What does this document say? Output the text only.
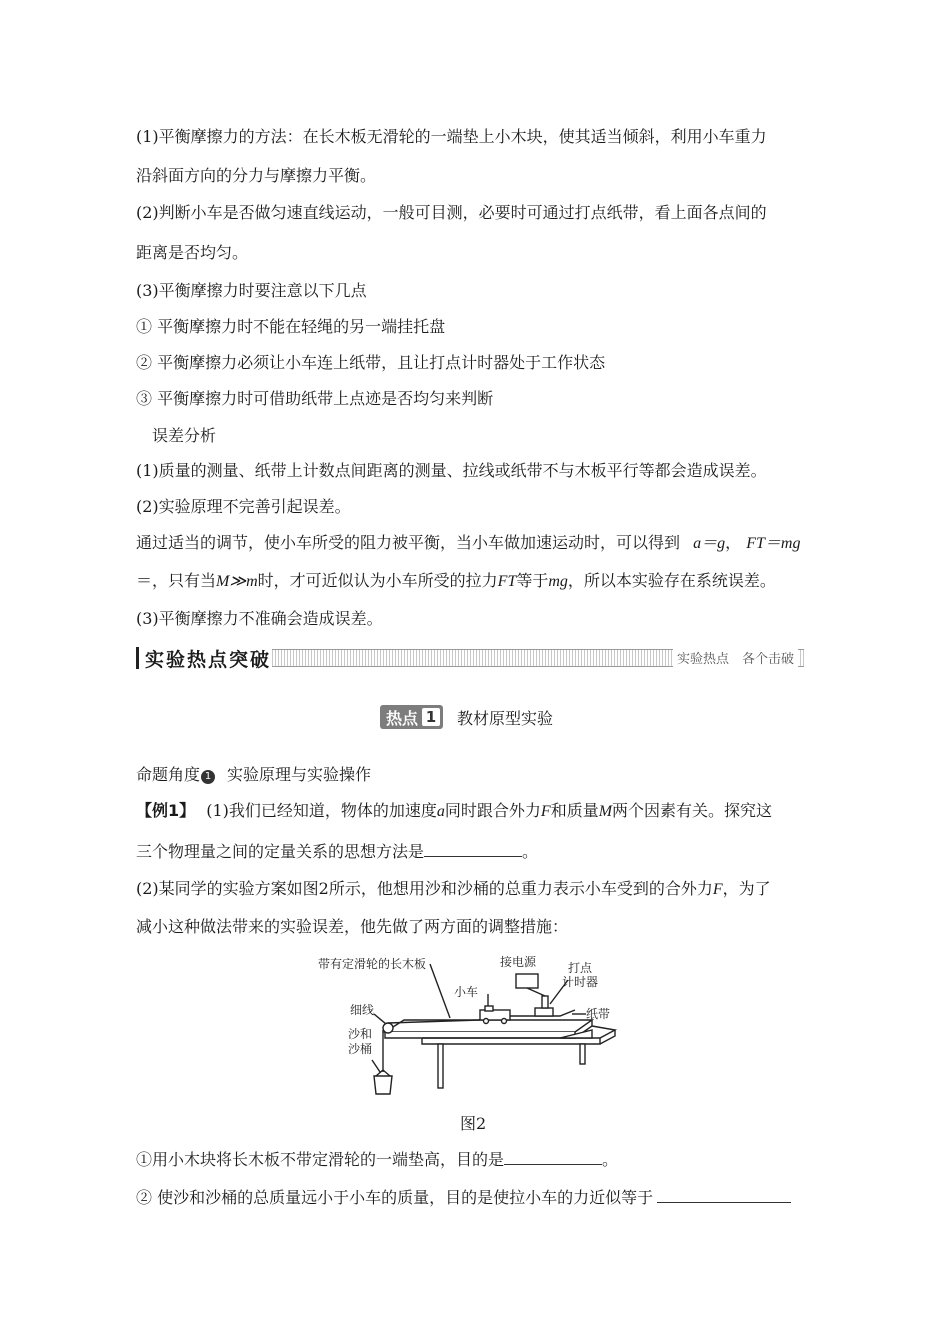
(1)平衡摩擦力的方法：在长木板无滑轮的一端垫上小木块，使其适当倾斜，利用小车重力
沿斜面方向的分力与摩擦力平衡。
(2)判断小车是否做匀速直线运动，一般可目测，必要时可通过打点纸带，看上面各点间的
距离是否均匀。
(3)平衡摩擦力时要注意以下几点
① 平衡摩擦力时不能在轻绳的另一端挂托盘
② 平衡摩擦力必须让小车连上纸带，且让打点计时器处于工作状态
③ 平衡摩擦力时可借助纸带上点迹是否均匀来判断
误差分析
(1)质量的测量、纸带上计数点间距离的测量、拉线或纸带不与木板平行等都会造成误差。
(2)实验原理不完善引起误差。
通过适当的调节，使小车所受的阻力被平衡，当小车做加速运动时，可以得到 a＝g， FT＝mg
＝，只有当M≫m时，才可近似认为小车所受的拉力FT等于mg，所以本实验存在系统误差。
(3)平衡摩擦力不准确会造成误差。
实验热点突破	实验热点　各个击破
热点 1 教材原型实验
命题角度 1 实验原理与实验操作
【例1】 (1)我们已经知道，物体的加速度a同时跟合外力F和质量M两个因素有关。探究这
三个物理量之间的定量关系的思想方法是	。
(2)某同学的实验方案如图2所示，他想用沙和沙桶的总重力表示小车受到的合外力F，为了
减小这种做法带来的实验误差，他先做了两方面的调整措施：
带有定滑轮的长木板	接电源	打点
计时器
小车
细线	纸带
沙和
沙桶
图2
①用小木块将长木板不带定滑轮的一端垫高，目的是	。
② 使沙和沙桶的总质量远小于小车的质量，目的是使拉小车的力近似等于
